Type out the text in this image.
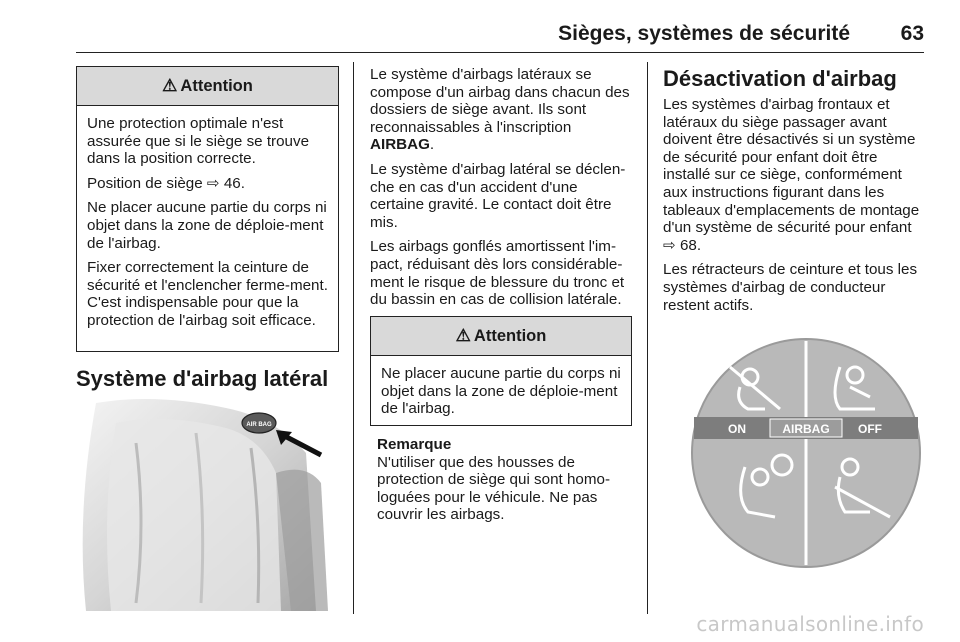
Sièges, systèmes de sécurité 63
⚠ Attention

Une protection optimale n'est assurée que si le siège se trouve dans la position correcte.

Position de siège ⇨ 46.

Ne placer aucune partie du corps ni objet dans la zone de déploie-ment de l'airbag.

Fixer correctement la ceinture de sécurité et l'enclencher ferme-ment. C'est indispensable pour que la protection de l'airbag soit efficace.

Système d'airbag latéral
AIR BAG

Le système d'airbags latéraux se compose d'un airbag dans chacun des dossiers de siège avant. Ils sont reconnaissables à l'inscription
AIRBAG.

Le système d'airbag latéral se déclen-che en cas d'un accident d'une certaine gravité. Le contact doit être mis.

Les airbags gonflés amortissent l'im-pact, réduisant dès lors considérable-ment le risque de blessure du tronc et du bassin en cas de collision latérale.

⚠ Attention

Ne placer aucune partie du corps ni objet dans la zone de déploie-ment de l'airbag.

Remarque
N'utiliser que des housses de protection de siège qui sont homo-loguées pour le véhicule. Ne pas couvrir les airbags.
Désactivation d'airbag

Les systèmes d'airbag frontaux et latéraux du siège passager avant doivent être désactivés si un système de sécurité pour enfant doit être installé sur ce siège, conformément aux instructions figurant dans les tableaux d'emplacements de montage d'un système de sécurité pour enfant ⇨ 68.

Les rétracteurs de ceinture et tous les systèmes d'airbag de conducteur restent actifs.

ON	AIRBAG OFF
carmanualsonline.info
